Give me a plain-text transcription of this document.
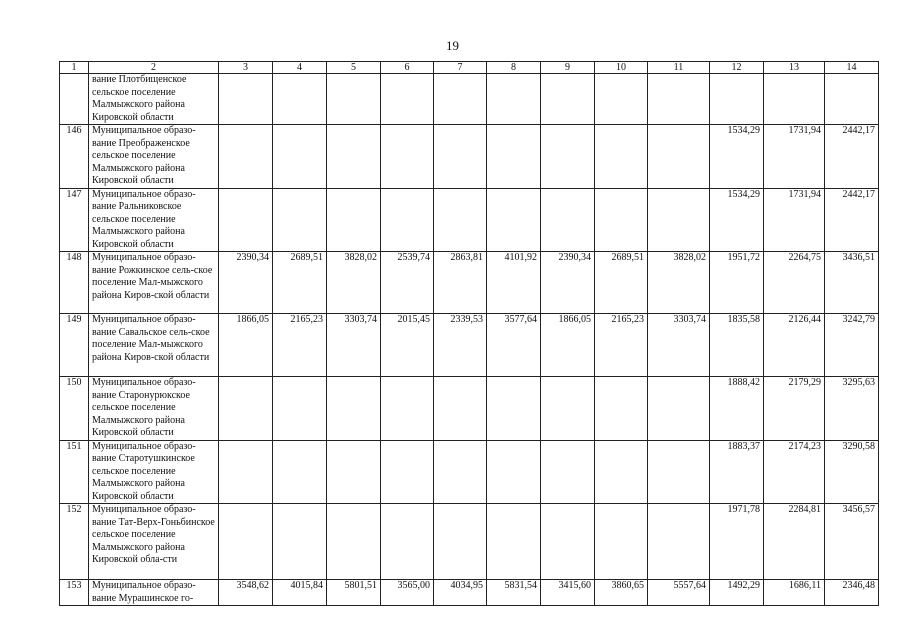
19
1	2	3	4	5	6	7	8	9	10	11	12	13	14
	вание Плотбищенское сельское поселение Малмыжского района Кировской области												
146	Муниципальное образо-вание Преображенское сельское поселение Малмыжского района Кировской области										1534,29	1731,94	2442,17
147	Муниципальное образо-вание Ральниковское сельское поселение Малмыжского района Кировской области										1534,29	1731,94	2442,17
148	Муниципальное образо-вание Рожкинское сель-ское поселение Мал-мыжского района Киров-ской области	2390,34	2689,51	3828,02	2539,74	2863,81	4101,92	2390,34	2689,51	3828,02	1951,72	2264,75	3436,51
149	Муниципальное образо-вание Савальское сель-ское поселение Мал-мыжского района Киров-ской области	1866,05	2165,23	3303,74	2015,45	2339,53	3577,64	1866,05	2165,23	3303,74	1835,58	2126,44	3242,79
150	Муниципальное образо-вание Старонурюкское сельское поселение Малмыжского района Кировской области										1888,42	2179,29	3295,63
151	Муниципальное образо-вание Старотушкинское сельское поселение Малмыжского района Кировской области										1883,37	2174,23	3290,58
152	Муниципальное образо-вание Тат-Верх-Гоньбинское сельское поселение Малмыжского района Кировской обла-сти										1971,78	2284,81	3456,57
153	Муниципальное образо-вание Мурашинское го-	3548,62	4015,84	5801,51	3565,00	4034,95	5831,54	3415,60	3860,65	5557,64	1492,29	1686,11	2346,48
